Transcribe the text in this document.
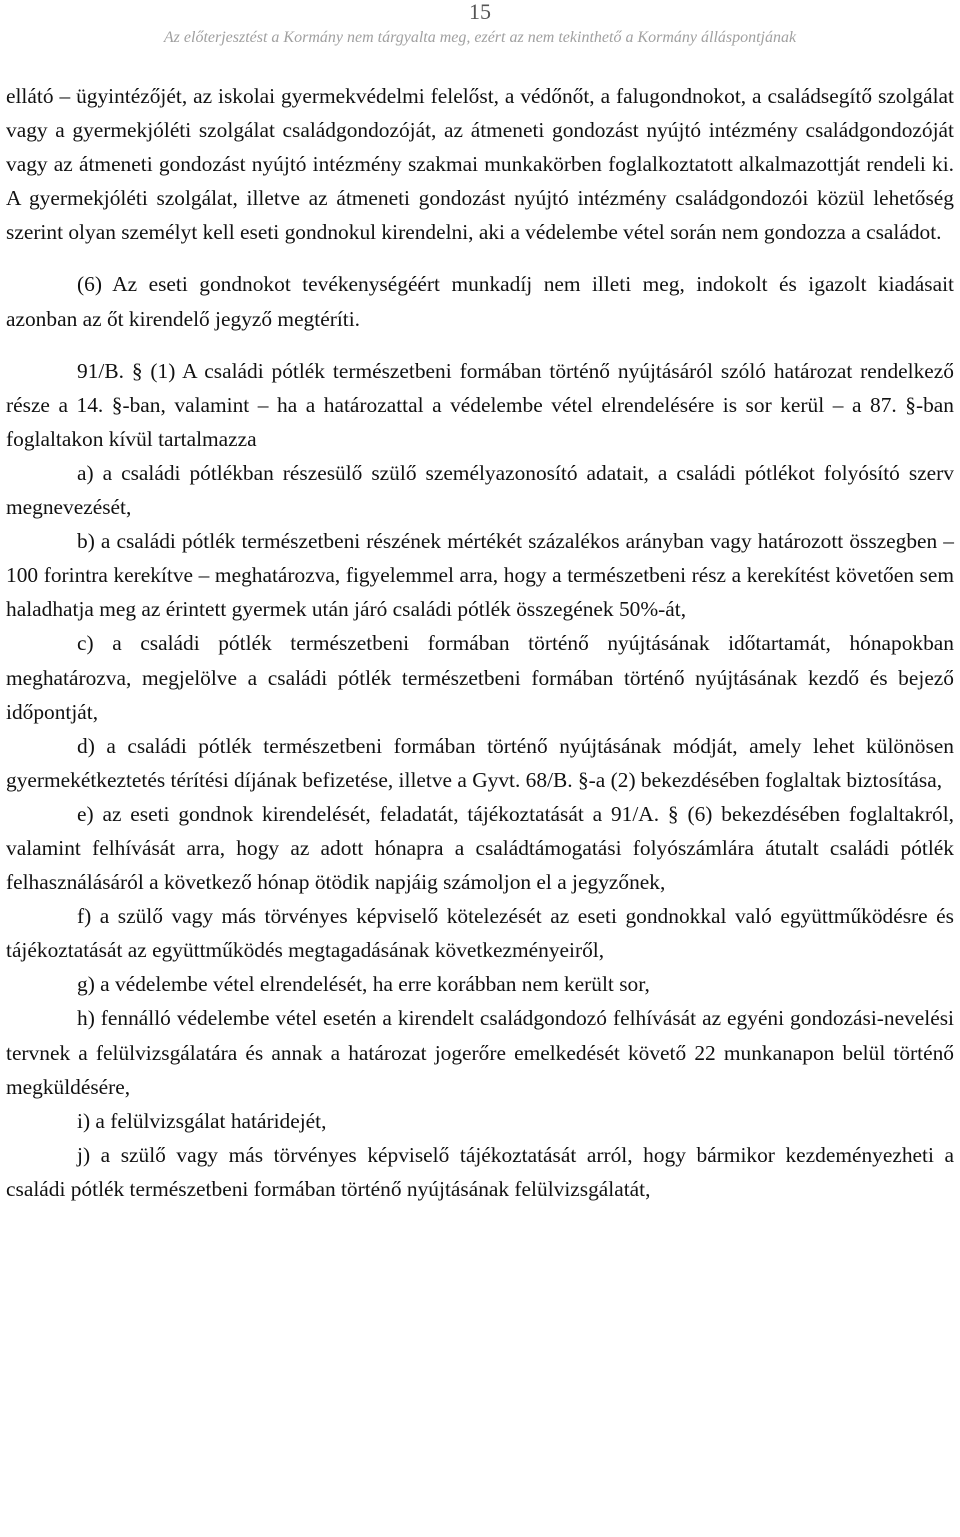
15
Az előterjesztést a Kormány nem tárgyalta meg, ezért az nem tekinthető a Kormány álláspontjának

ellátó – ügyintézőjét, az iskolai gyermekvédelmi felelőst, a védőnőt, a falugondnokot, a családsegítő szolgálat vagy a gyermekjóléti szolgálat családgondozóját, az átmeneti gondozást nyújtó intézmény családgondozóját vagy az átmeneti gondozást nyújtó intézmény szakmai munkakörben foglalkoztatott alkalmazottját rendeli ki. A gyermekjóléti szolgálat, illetve az átmeneti gondozást nyújtó intézmény családgondozói közül lehetőség szerint olyan személyt kell eseti gondnokul kirendelni, aki a védelembe vétel során nem gondozza a családot.

(6) Az eseti gondnokot tevékenységéért munkadíj nem illeti meg, indokolt és igazolt kiadásait azonban az őt kirendelő jegyző megtéríti.

91/B. § (1) A családi pótlék természetbeni formában történő nyújtásáról szóló határozat rendelkező része a 14. §-ban, valamint – ha a határozattal a védelembe vétel elrendelésére is sor kerül – a 87. §-ban foglaltakon kívül tartalmazza

a) a családi pótlékban részesülő szülő személyazonosító adatait, a családi pótlékot folyósító szerv megnevezését,

b) a családi pótlék természetbeni részének mértékét százalékos arányban vagy határozott összegben – 100 forintra kerekítve – meghatározva, figyelemmel arra, hogy a természetbeni rész a kerekítést követően sem haladhatja meg az érintett gyermek után járó családi pótlék összegének 50%-át,

c) a családi pótlék természetbeni formában történő nyújtásának időtartamát, hónapokban meghatározva, megjelölve a családi pótlék természetbeni formában történő nyújtásának kezdő és bejező időpontját,

d) a családi pótlék természetbeni formában történő nyújtásának módját, amely lehet különösen gyermekétkeztetés térítési díjának befizetése, illetve a Gyvt. 68/B. §-a (2) bekezdésében foglaltak biztosítása,

e) az eseti gondnok kirendelését, feladatát, tájékoztatását a 91/A. § (6) bekezdésében foglaltakról, valamint felhívását arra, hogy az adott hónapra a családtámogatási folyószámlára átutalt családi pótlék felhasználásáról a következő hónap ötödik napjáig számoljon el a jegyzőnek,

f) a szülő vagy más törvényes képviselő kötelezését az eseti gondnokkal való együttműködésre és tájékoztatását az együttműködés megtagadásának következményeiről,

g) a védelembe vétel elrendelését, ha erre korábban nem került sor,

h) fennálló védelembe vétel esetén a kirendelt családgondozó felhívását az egyéni gondozási-nevelési tervnek a felülvizsgálatára és annak a határozat jogerőre emelkedését követő 22 munkanapon belül történő megküldésére,

i) a felülvizsgálat határidejét,

j) a szülő vagy más törvényes képviselő tájékoztatását arról, hogy bármikor kezdeményezheti a családi pótlék természetbeni formában történő nyújtásának felülvizsgálatát,
